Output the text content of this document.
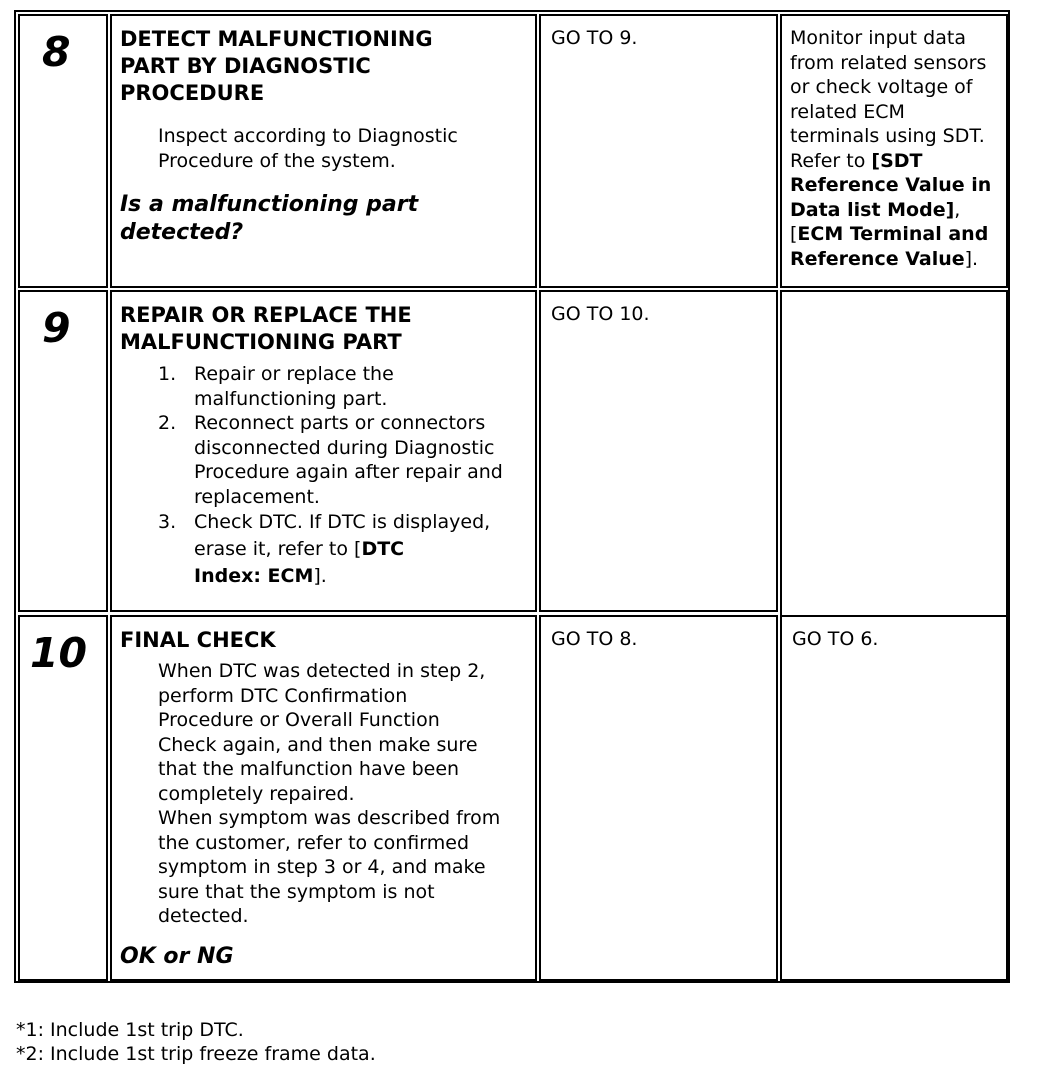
8 DETECT MALFUNCTIONING
PART BY DIAGNOSTIC
PROCEDURE
Inspect according to Diagnostic
Procedure of the system.
Is a malfunctioning part
detected?
GO TO 9.	Monitor input data
from related sensors
or check voltage of
related ECM
terminals using SDT.
Refer to [SDT
Reference Value in
Data list Mode],
[ECM Terminal and
Reference Value].
9 REPAIR OR REPLACE THE
MALFUNCTIONING PART
1. Repair or replace the
malfunctioning part.
2. Reconnect parts or connectors
disconnected during Diagnostic
Procedure again after repair and
replacement.
3. Check DTC. If DTC is displayed,
erase it, refer to [DTC
Index: ECM].
GO TO 10.
10 FINAL CHECK
When DTC was detected in step 2,
perform DTC Confirmation
Procedure or Overall Function
Check again, and then make sure
that the malfunction have been
completely repaired.
When symptom was described from
the customer, refer to confirmed
symptom in step 3 or 4, and make
sure that the symptom is not
detected.
OK or NG
GO TO 8.	GO TO 6.
*1: Include 1st trip DTC.
*2: Include 1st trip freeze frame data.
